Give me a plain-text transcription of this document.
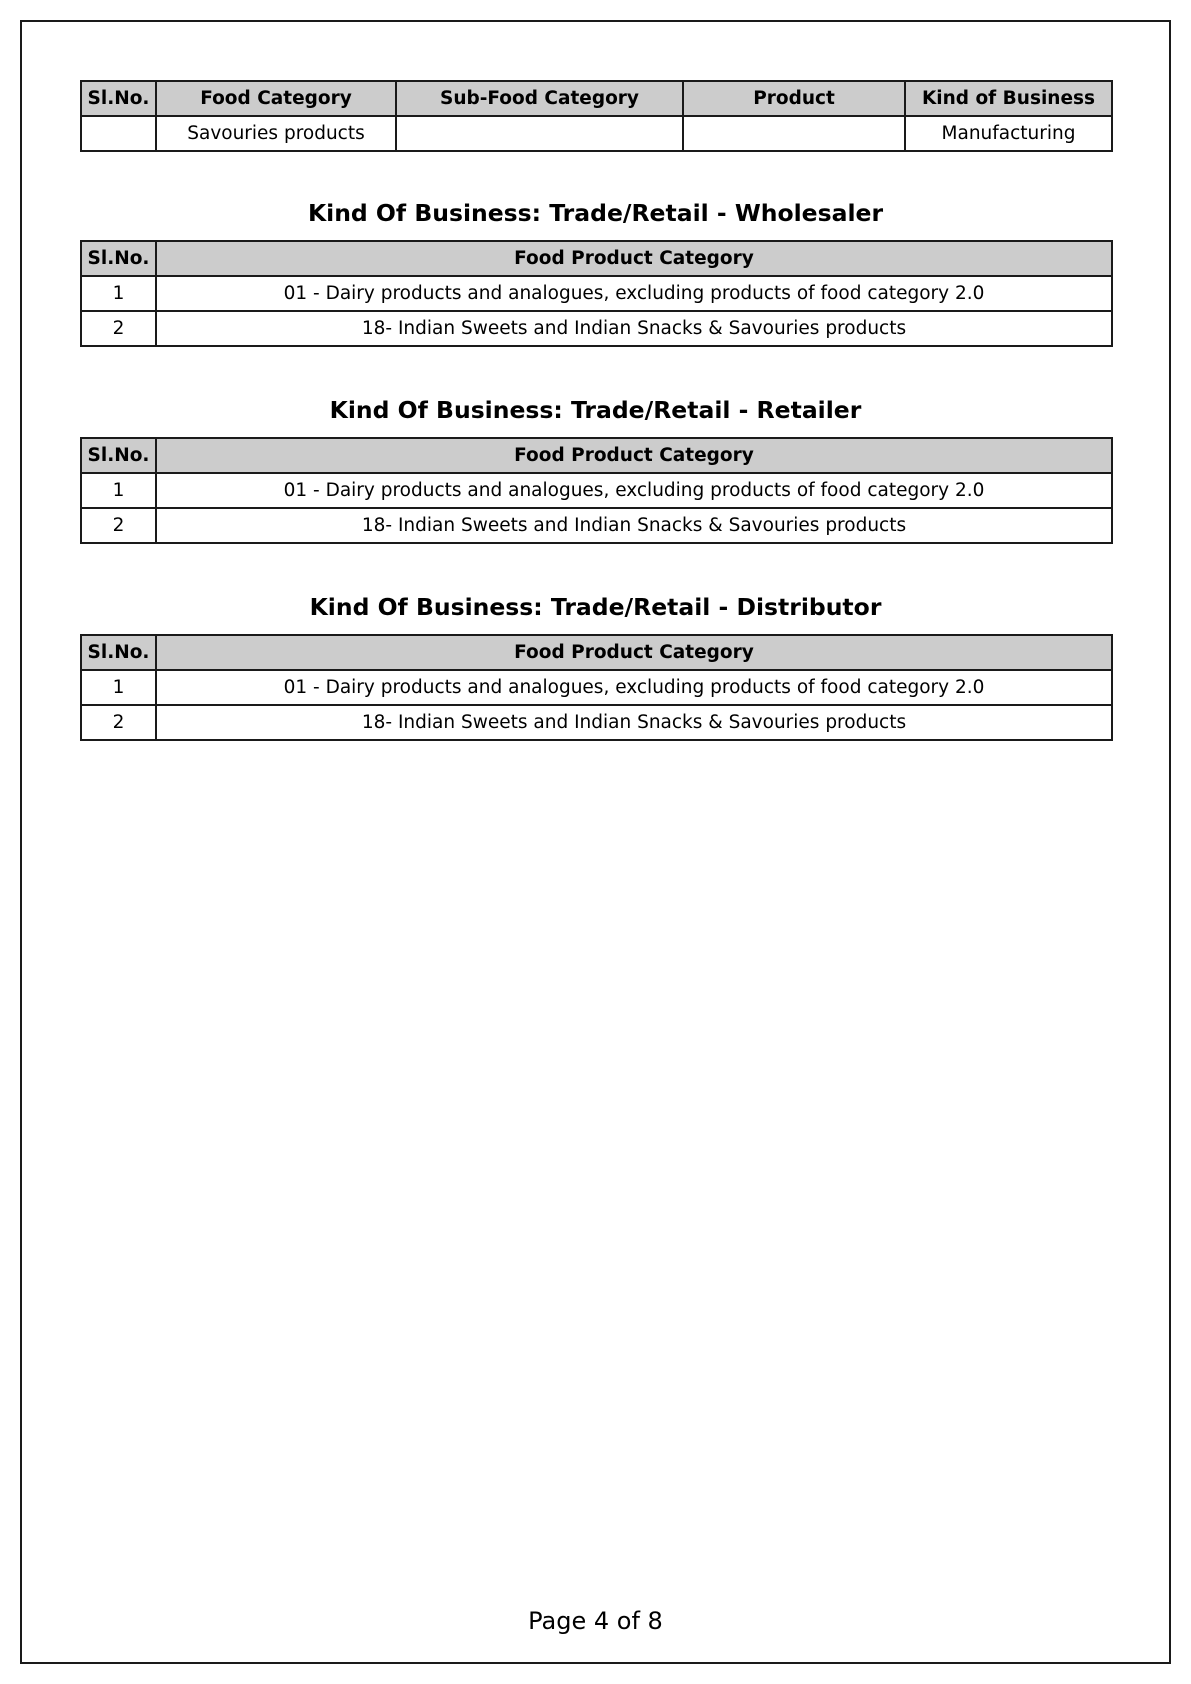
Sl.No.	Food Category	Sub-Food Category	Product	Kind of Business
	Savouries products			Manufacturing
Kind Of Business: Trade/Retail - Wholesaler
Sl.No.	Food Product Category
1	01 - Dairy products and analogues, excluding products of food category 2.0
2	18- Indian Sweets and Indian Snacks & Savouries products
Kind Of Business: Trade/Retail - Retailer
Sl.No.	Food Product Category
1	01 - Dairy products and analogues, excluding products of food category 2.0
2	18- Indian Sweets and Indian Snacks & Savouries products
Kind Of Business: Trade/Retail - Distributor
Sl.No.	Food Product Category
1	01 - Dairy products and analogues, excluding products of food category 2.0
2	18- Indian Sweets and Indian Snacks & Savouries products
Page 4 of 8
